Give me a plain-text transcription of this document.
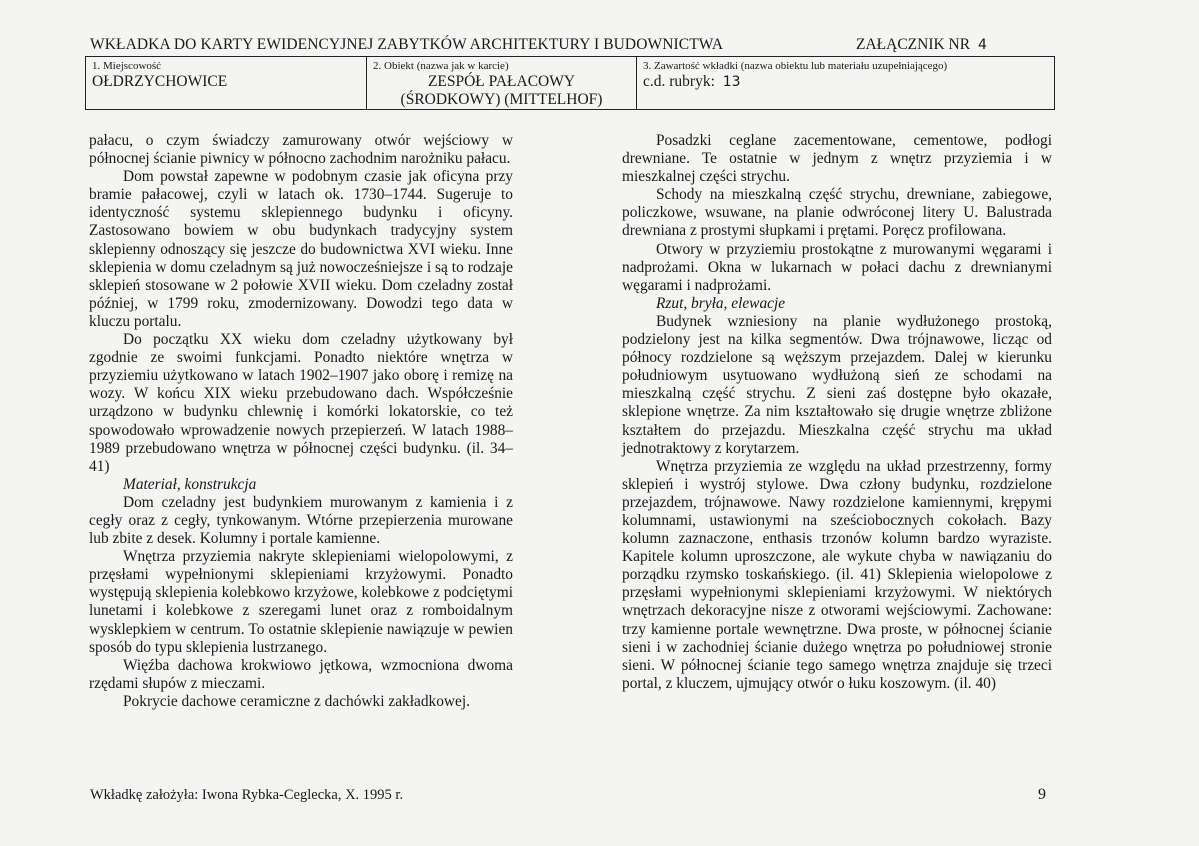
WKŁADKA DO KARTY EWIDENCYJNEJ ZABYTKÓW ARCHITEKTURY I BUDOWNICTWA	ZAŁĄCZNIK NR 4
1. Miejscowość
OŁDRZYCHOWICE
2. Obiekt (nazwa jak w karcie)
ZESPÓŁ PAŁACOWY
(ŚRODKOWY) (MITTELHOF)
3. Zawartość wkładki (nazwa obiektu lub materiału uzupełniającego)
c.d. rubryk: 13

pałacu, o czym świadczy zamurowany otwór wejściowy w północnej ścianie piwnicy w północno zachodnim narożniku pałacu.

Dom powstał zapewne w podobnym czasie jak oficyna przy bramie pałacowej, czyli w latach ok. 1730–1744. Sugeruje to identyczność systemu sklepiennego budynku i oficyny. Zastosowano bowiem w obu budynkach tradycyjny system sklepienny odnoszący się jeszcze do budownictwa XVI wieku. Inne sklepienia w domu czeladnym są już nowocześniejsze i są to rodzaje sklepień stosowane w 2 połowie XVII wieku. Dom czeladny został później, w 1799 roku, zmodernizowany. Dowodzi tego data w kluczu portalu.

Do początku XX wieku dom czeladny użytkowany był zgodnie ze swoimi funkcjami. Ponadto niektóre wnętrza w przyziemiu użytkowano w latach 1902–1907 jako oborę i remizę na wozy. W końcu XIX wieku przebudowano dach. Współcześnie urządzono w budynku chlewnię i komórki lokatorskie, co też spowodowało wprowadzenie nowych przepierzeń. W latach 1988–1989 przebudowano wnętrza w północnej części budynku. (il. 34–41)

Materiał, konstrukcja

Dom czeladny jest budynkiem murowanym z kamienia i z cegły oraz z cegły, tynkowanym. Wtórne przepierzenia murowane lub zbite z desek. Kolumny i portale kamienne.

Wnętrza przyziemia nakryte sklepieniami wielopolowymi, z przęsłami wypełnionymi sklepieniami krzyżowymi. Ponadto występują sklepienia kolebkowo krzyżowe, kolebkowe z podciętymi lunetami i kolebkowe z szeregami lunet oraz z romboidalnym wysklepkiem w centrum. To ostatnie sklepienie nawiązuje w pewien sposób do typu sklepienia lustrzanego.

Więźba dachowa krokwiowo jętkowa, wzmocniona dwoma rzędami słupów z mieczami.

Pokrycie dachowe ceramiczne z dachówki zakładkowej.

Posadzki ceglane zacementowane, cementowe, podłogi drewniane. Te ostatnie w jednym z wnętrz przyziemia i w mieszkalnej części strychu.

Schody na mieszkalną część strychu, drewniane, zabiegowe, policzkowe, wsuwane, na planie odwróconej litery U. Balustrada drewniana z prostymi słupkami i prętami. Poręcz profilowana.

Otwory w przyziemiu prostokątne z murowanymi węgarami i nadprożami. Okna w lukarnach w połaci dachu z drewnianymi węgarami i nadprożami.

Rzut, bryła, elewacje

Budynek wzniesiony na planie wydłużonego prostoką, podzielony jest na kilka segmentów. Dwa trójnawowe, licząc od północy rozdzielone są węższym przejazdem. Dalej w kierunku południowym usytuowano wydłużoną sień ze schodami na mieszkalną część strychu. Z sieni zaś dostępne było okazałe, sklepione wnętrze. Za nim kształtowało się drugie wnętrze zbliżone kształtem do przejazdu. Mieszkalna część strychu ma układ jednotraktowy z korytarzem.

Wnętrza przyziemia ze względu na układ przestrzenny, formy sklepień i wystrój stylowe. Dwa człony budynku, rozdzielone przejazdem, trójnawowe. Nawy rozdzielone kamiennymi, krępymi kolumnami, ustawionymi na sześciobocznych cokołach. Bazy kolumn zaznaczone, enthasis trzonów kolumn bardzo wyraziste. Kapitele kolumn uproszczone, ale wykute chyba w nawiązaniu do porządku rzymsko toskańskiego. (il. 41) Sklepienia wielopolowe z przęsłami wypełnionymi sklepieniami krzyżowymi. W niektórych wnętrzach dekoracyjne nisze z otworami wejściowymi. Zachowane: trzy kamienne portale wewnętrzne. Dwa proste, w północnej ścianie sieni i w zachodniej ścianie dużego wnętrza po południowej stronie sieni. W północnej ścianie tego samego wnętrza znajduje się trzeci portal, z kluczem, ujmujący otwór o łuku koszowym. (il. 40)

Wkładkę założyła: Iwona Rybka-Ceglecka, X. 1995 r.	9
